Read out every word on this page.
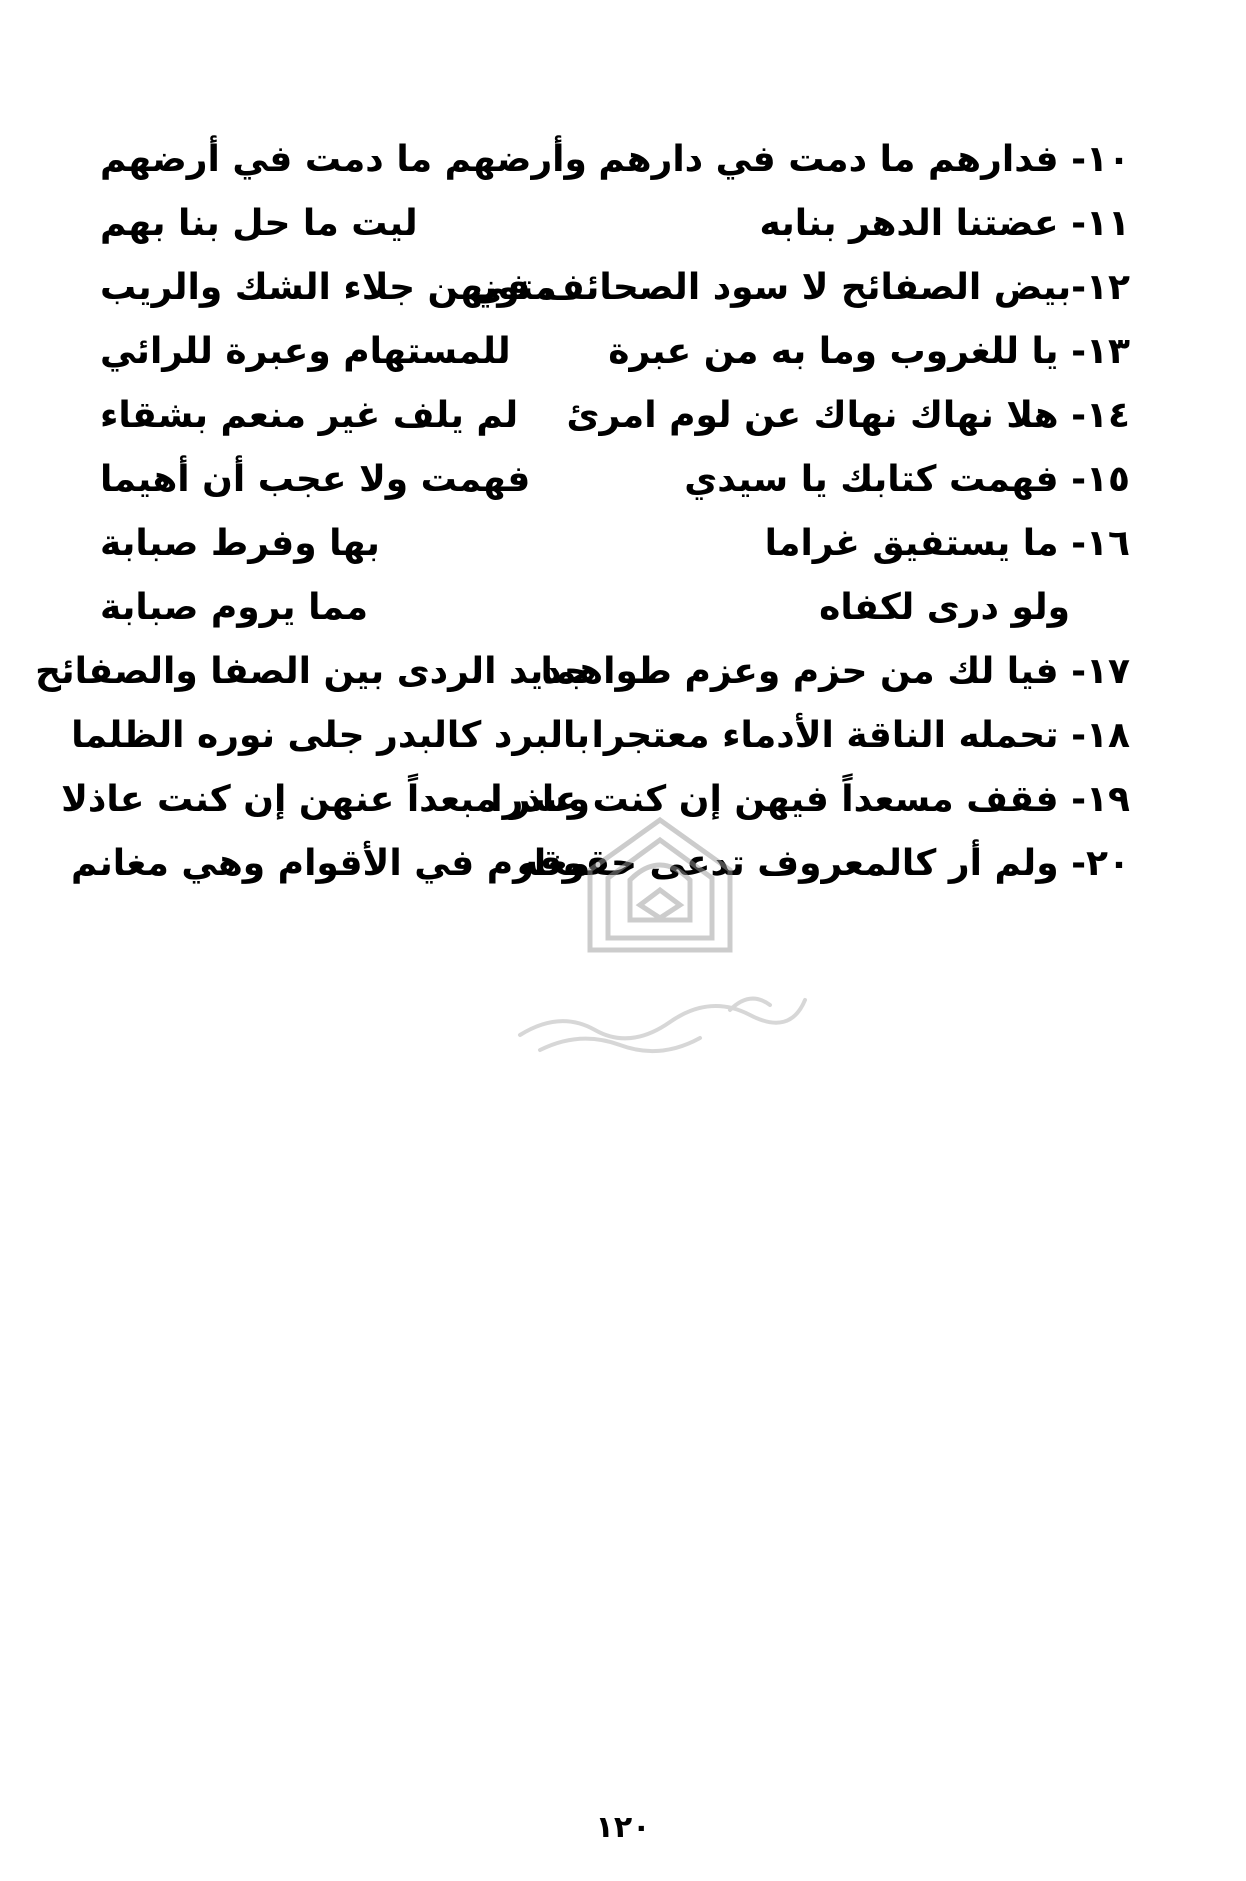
١٠- فدارهم ما دمت في دارهم
وأرضهم ما دمت في أرضهم
١١- عضتنا الدهر بنابه
ليت ما حل بنا بهم
١٢-بيض الصفائح لا سود الصحائف في
متونهن جلاء الشك والريب
١٣- يا للغروب وما به من عبرة
للمستهام وعبرة للرائي
١٤- هلا نهاك نهاك عن لوم امرئ
لم يلف غير منعم بشقاء
١٥- فهمت كتابك يا سيدي
فهمت ولا عجب أن أهيما
١٦- ما يستفيق غراما
بها وفرط صبابة
ولو درى لكفاه
مما يروم صبابة
١٧- فيا لك من حزم وعزم طواهما
جديد الردى بين الصفا والصفائح
١٨- تحمله الناقة الأدماء معتجرا
بالبرد كالبدر جلى نوره الظلما
١٩- فقف مسعداً فيهن إن كنت عاذرا
وسر مبعداً عنهن إن كنت عاذلا
٢٠- ولم أر كالمعروف تدعى حقوقه
مغارم في الأقوام وهي مغانم
١٢٠
